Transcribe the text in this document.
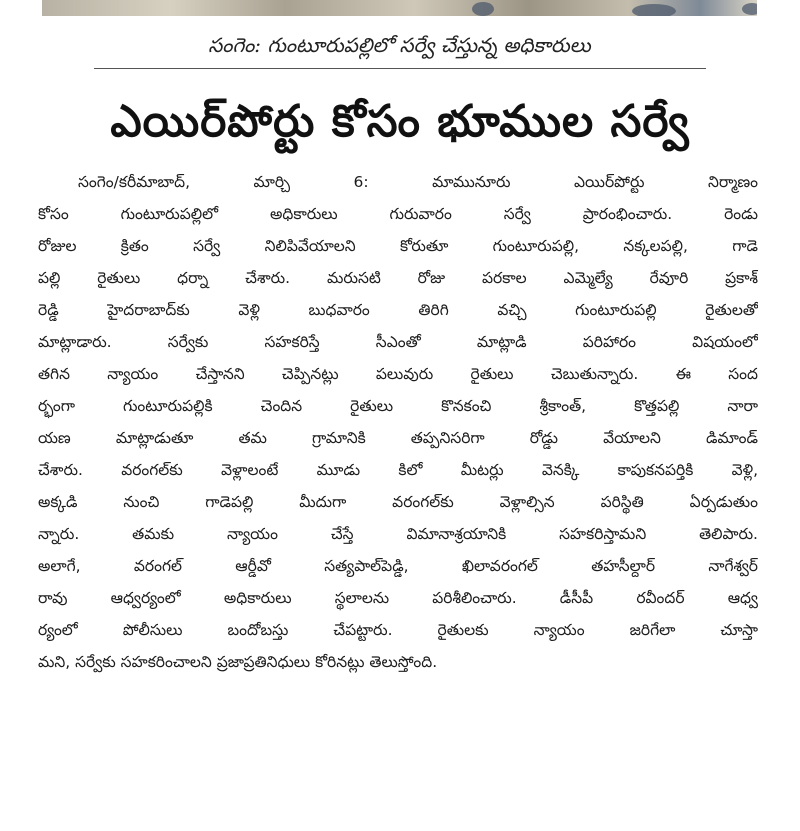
సంగెం: గుంటూరుపల్లిలో సర్వే చేస్తున్న అధికారులు
ఎయిర్‌పోర్టు కోసం భూముల సర్వే
సంగెం/కరీమాబాద్, మార్చి 6: మామునూరు ఎయిర్‌పోర్టు నిర్మాణం
కోసం గుంటూరుపల్లిలో అధికారులు గురువారం సర్వే ప్రారంభించారు. రెండు
రోజుల క్రితం సర్వే నిలిపివేయాలని కోరుతూ గుంటూరుపల్లి, నక్కలపల్లి, గాడె
పల్లి రైతులు ధర్నా చేశారు. మరుసటి రోజు పరకాల ఎమ్మెల్యే రేవూరి ప్రకాశ్
రెడ్డి హైదరాబాద్‌కు వెళ్లి బుధవారం తిరిగి వచ్చి గుంటూరుపల్లి రైతులతో
మాట్లాడారు. సర్వేకు సహకరిస్తే సీఎంతో మాట్లాడి పరిహారం విషయంలో
తగిన న్యాయం చేస్తానని చెప్పినట్లు పలువురు రైతులు చెబుతున్నారు. ఈ సంద
ర్భంగా గుంటూరుపల్లికి చెందిన రైతులు కొనకంచి శ్రీకాంత్, కొత్తపల్లి నారా
యణ మాట్లాడుతూ తమ గ్రామానికి తప్పనిసరిగా రోడ్డు వేయాలని డిమాండ్
చేశారు. వరంగల్‌కు వెళ్లాలంటే మూడు కిలో మీటర్లు వెనక్కి కాపుకనపర్తికి వెళ్లి,
అక్కడి నుంచి గాడెపల్లి మీదుగా వరంగల్‌కు వెళ్లాల్సిన పరిస్థితి ఏర్పడుతుం
న్నారు. తమకు న్యాయం చేస్తే విమానాశ్రయానికి సహకరిస్తామని తెలిపారు.
అలాగే, వరంగల్ ఆర్డీవో సత్యపాల్‌పెడ్డి, ఖిలావరంగల్ తహసీల్దార్ నాగేశ్వర్
రావు ఆధ్వర్యంలో అధికారులు స్థలాలను పరిశీలించారు. డీసీపీ రవీందర్ ఆధ్వ
ర్యంలో పోలీసులు బందోబస్తు చేపట్టారు. రైతులకు న్యాయం జరిగేలా చూస్తా
మని, సర్వేకు సహకరించాలని ప్రజాప్రతినిధులు కోరినట్లు తెలుస్తోంది.
